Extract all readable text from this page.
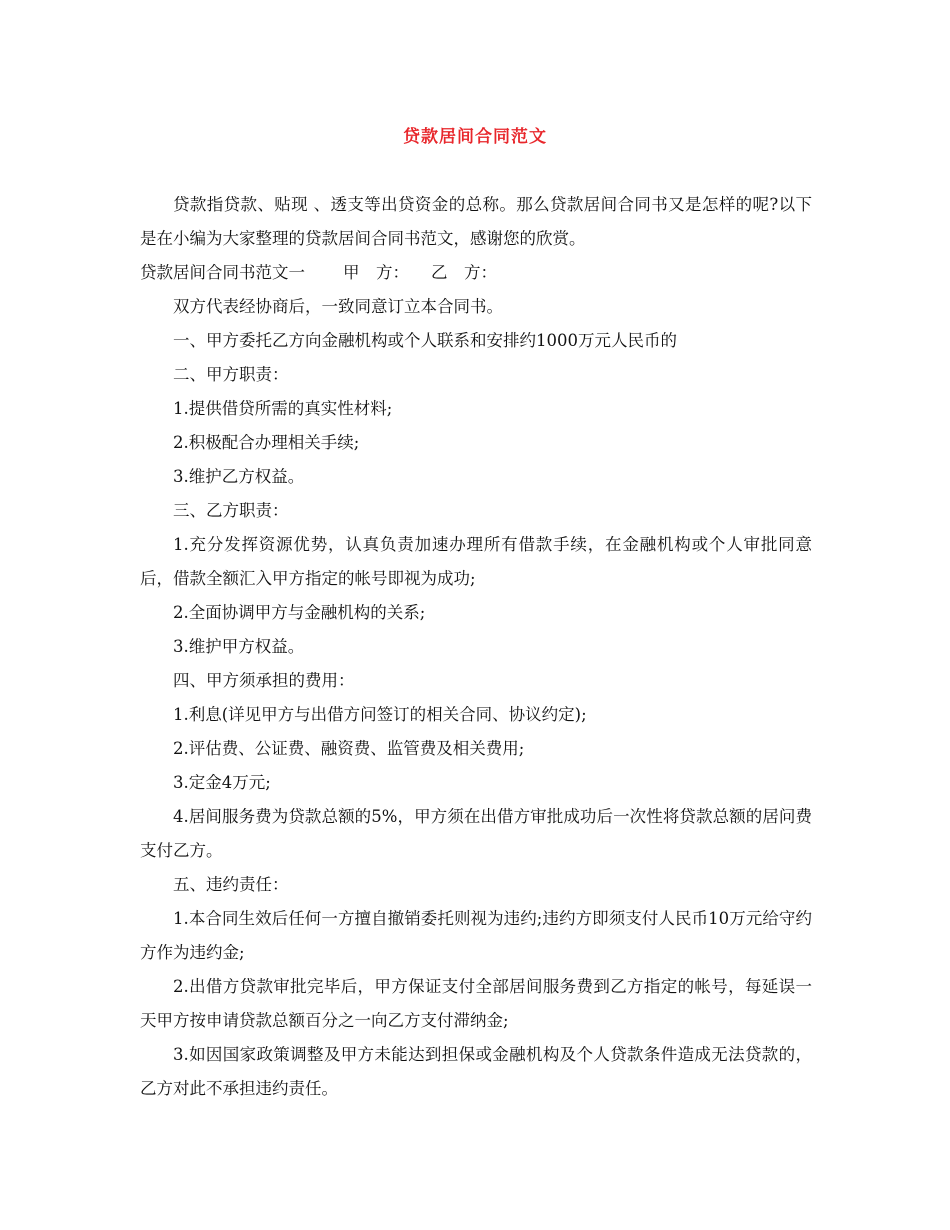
贷款居间合同范文

贷款指贷款、贴现 、透支等出贷资金的总称。那么贷款居间合同书又是怎样的呢?以下是在小编为大家整理的贷款居间合同书范文，感谢您的欣赏。

贷款居间合同书范文一 甲　方： 乙　方：

双方代表经协商后，一致同意订立本合同书。

一、甲方委托乙方向金融机构或个人联系和安排约1000万元人民币的

二、甲方职责：

1.提供借贷所需的真实性材料;

2.积极配合办理相关手续;

3.维护乙方权益。

三、乙方职责：

1.充分发挥资源优势，认真负责加速办理所有借款手续，在金融机构或个人审批同意后，借款全额汇入甲方指定的帐号即视为成功;

2.全面协调甲方与金融机构的关系;

3.维护甲方权益。

四、甲方须承担的费用：

1.利息(详见甲方与出借方问签订的相关合同、协议约定);

2.评估费、公证费、融资费、监管费及相关费用;

3.定金4万元;

4.居间服务费为贷款总额的5%，甲方须在出借方审批成功后一次性将贷款总额的居问费支付乙方。

五、违约责任：

1.本合同生效后任何一方擅自撤销委托则视为违约;违约方即须支付人民币10万元给守约方作为违约金;

2.出借方贷款审批完毕后，甲方保证支付全部居间服务费到乙方指定的帐号，每延误一天甲方按申请贷款总额百分之一向乙方支付滞纳金;

3.如因国家政策调整及甲方未能达到担保或金融机构及个人贷款条件造成无法贷款的，乙方对此不承担违约责任。
